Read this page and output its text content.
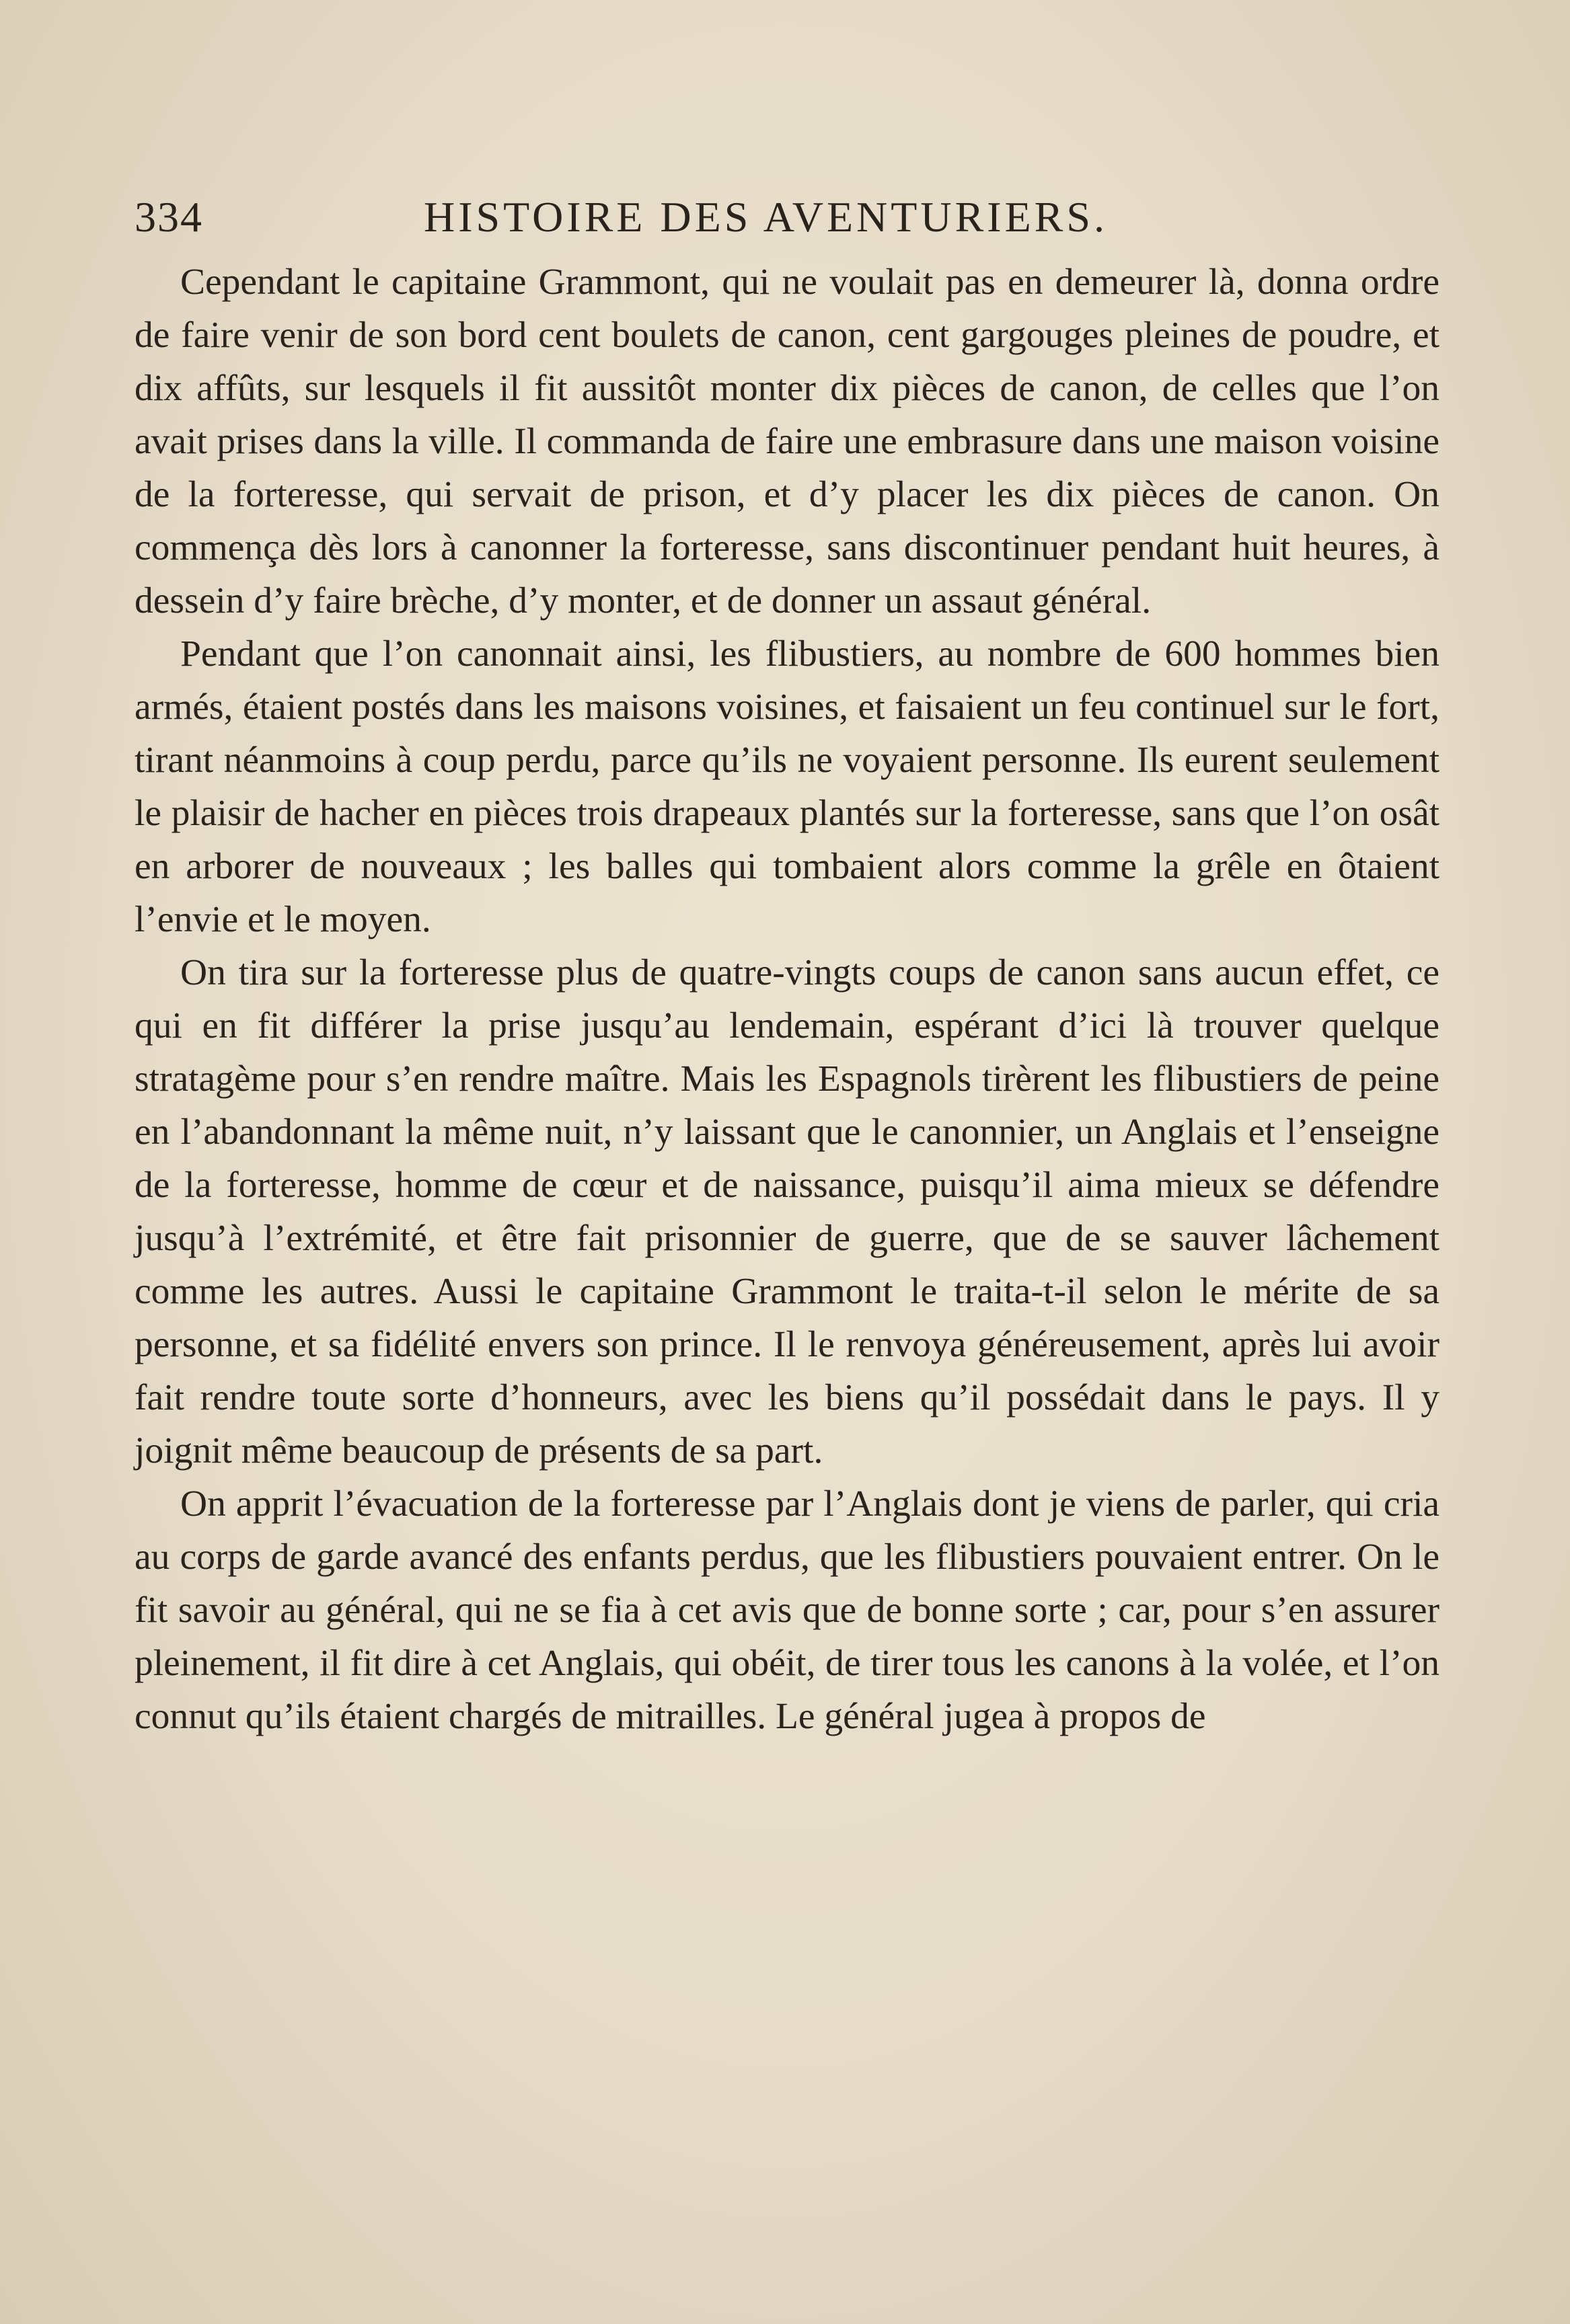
334	HISTOIRE DES AVENTURIERS.

Cependant le capitaine Grammont, qui ne voulait pas en demeurer là, donna ordre de faire venir de son bord cent boulets de canon, cent gargouges pleines de poudre, et dix affûts, sur lesquels il fit aussitôt monter dix pièces de canon, de celles que l’on avait prises dans la ville. Il commanda de faire une embrasure dans une maison voisine de la forteresse, qui servait de prison, et d’y placer les dix pièces de canon. On commença dès lors à canonner la forteresse, sans discontinuer pendant huit heures, à dessein d’y faire brèche, d’y monter, et de donner un assaut général.

Pendant que l’on canonnait ainsi, les flibustiers, au nombre de 600 hommes bien armés, étaient postés dans les maisons voisines, et faisaient un feu continuel sur le fort, tirant néanmoins à coup perdu, parce qu’ils ne voyaient personne. Ils eurent seulement le plaisir de hacher en pièces trois drapeaux plantés sur la forteresse, sans que l’on osât en arborer de nouveaux ; les balles qui tombaient alors comme la grêle en ôtaient l’envie et le moyen.

On tira sur la forteresse plus de quatre-vingts coups de canon sans aucun effet, ce qui en fit différer la prise jusqu’au lendemain, espérant d’ici là trouver quelque stratagème pour s’en rendre maître. Mais les Espagnols tirèrent les flibustiers de peine en l’abandonnant la même nuit, n’y laissant que le canonnier, un Anglais et l’enseigne de la forteresse, homme de cœur et de naissance, puisqu’il aima mieux se défendre jusqu’à l’extrémité, et être fait prisonnier de guerre, que de se sauver lâchement comme les autres. Aussi le capitaine Grammont le traita-t-il selon le mérite de sa personne, et sa fidélité envers son prince. Il le renvoya généreusement, après lui avoir fait rendre toute sorte d’honneurs, avec les biens qu’il possédait dans le pays. Il y joignit même beaucoup de présents de sa part.

On apprit l’évacuation de la forteresse par l’Anglais dont je viens de parler, qui cria au corps de garde avancé des enfants perdus, que les flibustiers pouvaient entrer. On le fit savoir au général, qui ne se fia à cet avis que de bonne sorte ; car, pour s’en assurer pleinement, il fit dire à cet Anglais, qui obéit, de tirer tous les canons à la volée, et l’on connut qu’ils étaient chargés de mitrailles. Le général jugea à propos de
